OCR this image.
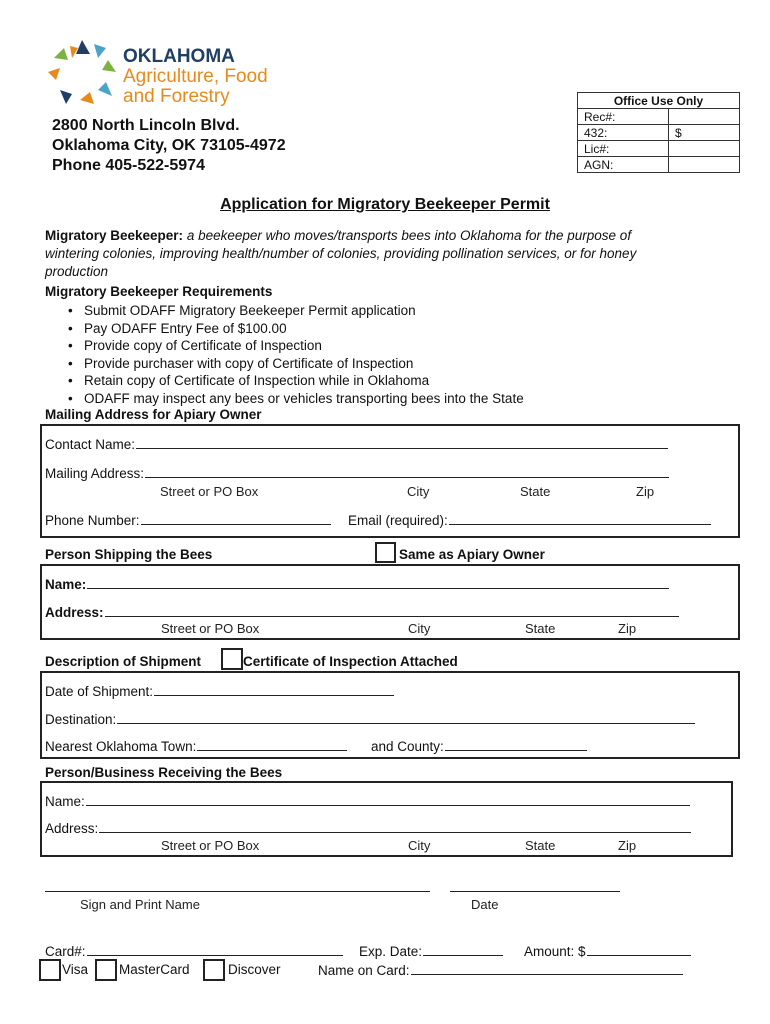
OKLAHOMA
Agriculture, Food
and Forestry
2800 North Lincoln Blvd.
Oklahoma City, OK 73105-4972
Phone 405-522-5974
Office Use Only	
Rec#:	
432:	$
Lic#:	
AGN:	
Application for Migratory Beekeeper Permit
Migratory Beekeeper: a beekeeper who moves/transports bees into Oklahoma for the purpose of
wintering colonies, improving health/number of colonies, providing pollination services, or for honey
production
Migratory Beekeeper Requirements
•   Submit ODAFF Migratory Beekeeper Permit application
•   Pay ODAFF Entry Fee of $100.00
•   Provide copy of Certificate of Inspection
•   Provide purchaser with copy of Certificate of Inspection
•   Retain copy of Certificate of Inspection while in Oklahoma
•   ODAFF may inspect any bees or vehicles transporting bees into the State
Mailing Address for Apiary Owner
Contact Name:
Mailing Address:
Street or PO Box	City	State	Zip
Phone Number:	Email (required):
Person Shipping the Bees	Same as Apiary Owner
Name:
Address:
Street or PO Box	City	State	Zip
Description of Shipment	Certificate of Inspection Attached
Date of Shipment:
Destination:
Nearest Oklahoma Town:	and County:
Person/Business Receiving the Bees
Name:
Address:
Street or PO Box	City	State	Zip
Sign and Print Name	Date
Card#:	Exp. Date:	Amount: $
Visa MasterCard	Discover	Name on Card:
